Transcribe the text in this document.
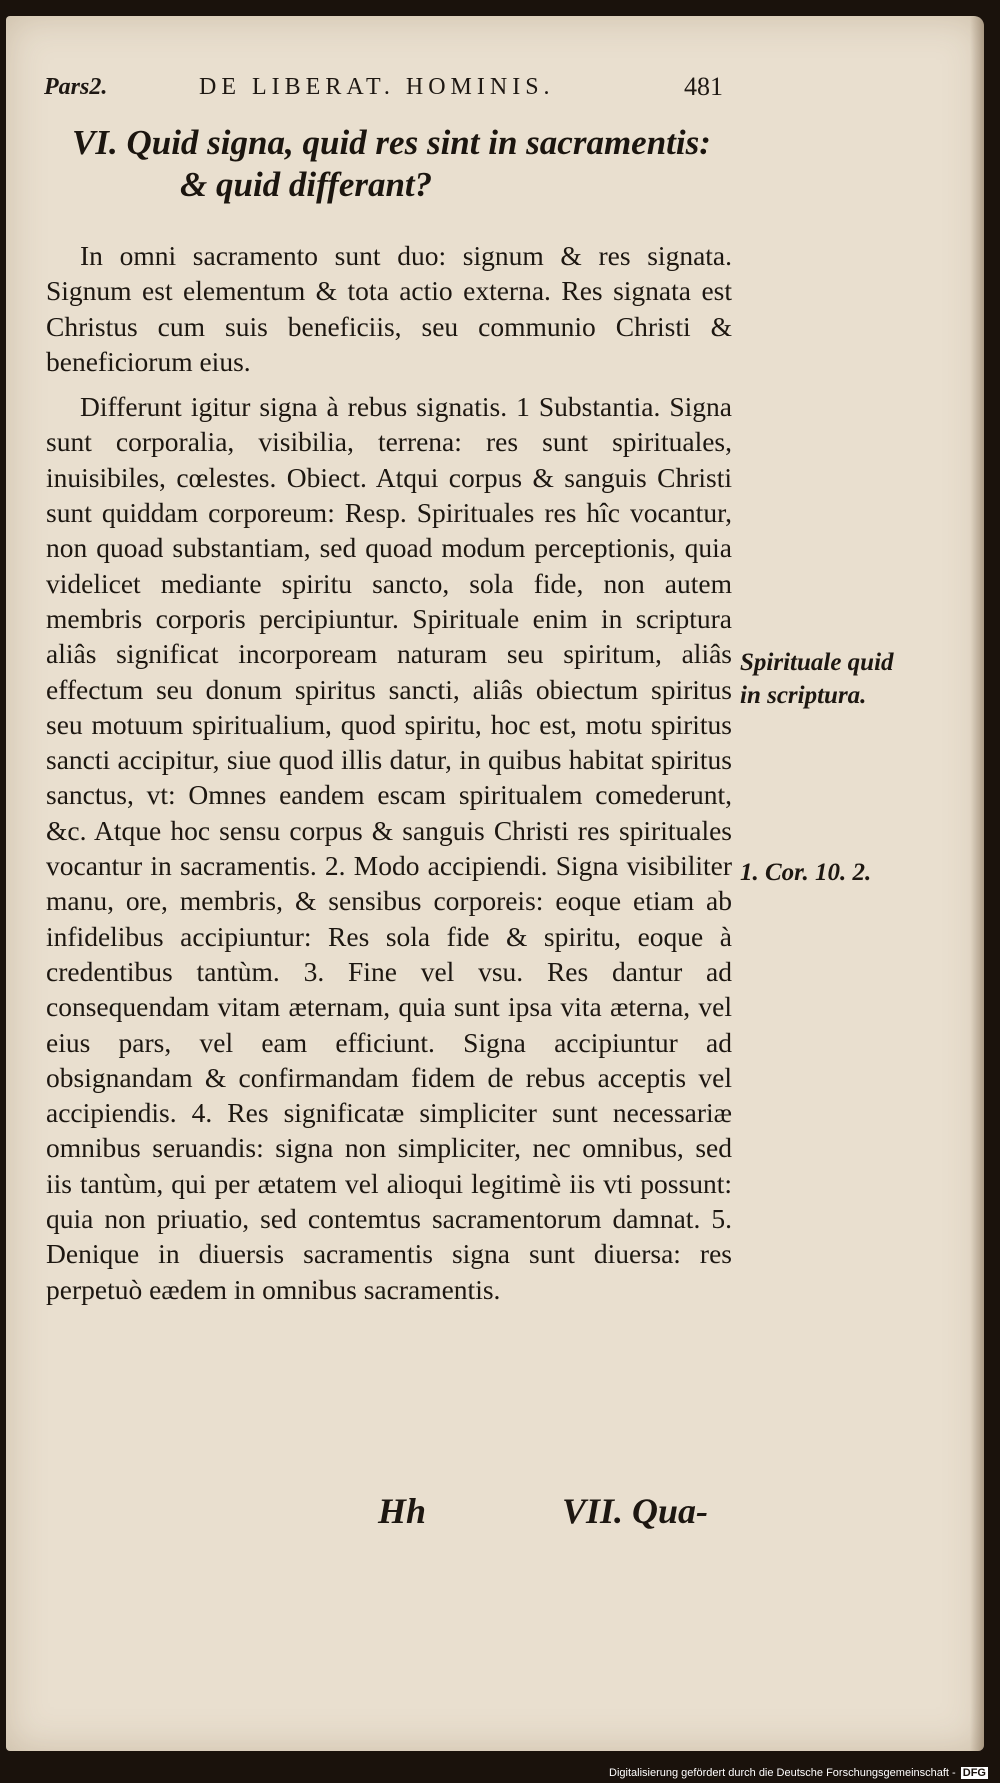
Pars2.	DE LIBERAT. HOMINIS.	481
VI. Quid signa, quid res sint in sacramentis:
& quid differant?

In omni sacramento sunt duo: signum & res signata. Signum est elementum & tota actio externa. Res signata est Christus cum suis beneficiis, seu communio Christi & beneficiorum eius.

Differunt igitur signa à rebus signatis. 1 Substantia. Signa sunt corporalia, visibilia, terrena: res sunt spirituales, inuisibiles, cœlestes. Obiect. Atqui corpus & sanguis Christi sunt quiddam corporeum: Resp. Spirituales res hîc vocantur, non quoad substantiam, sed quoad modum perceptionis, quia videlicet mediante spiritu sancto, sola fide, non autem membris corporis percipiuntur. Spirituale enim in scriptura aliâs significat incorpoream naturam seu spiritum, aliâs effectum seu donum spiritus sancti, aliâs obiectum spiritus seu motuum spiritualium, quod spiritu, hoc est, motu spiritus sancti accipitur, siue quod illis datur, in quibus habitat spiritus sanctus, vt: Omnes eandem escam spiritualem comederunt, &c. Atque hoc sensu corpus & sanguis Christi res spirituales vocantur in sacramentis. 2. Modo accipiendi. Signa visibiliter manu, ore, membris, & sensibus corporeis: eoque etiam ab infidelibus accipiuntur: Res sola fide & spiritu, eoque à credentibus tantùm. 3. Fine vel vsu. Res dantur ad consequendam vitam æternam, quia sunt ipsa vita æterna, vel eius pars, vel eam efficiunt. Signa accipiuntur ad obsignandam & confirmandam fidem de rebus acceptis vel accipiendis. 4. Res significatæ simpliciter sunt necessariæ omnibus seruandis: signa non simpliciter, nec omnibus, sed iis tantùm, qui per ætatem vel alioqui legitimè iis vti possunt: quia non priuatio, sed contemtus sacramentorum damnat. 5. Denique in diuersis sacramentis signa sunt diuersa: res perpetuò eædem in omnibus sacramentis.

Spirituale quid in scriptura.
1. Cor. 10. 2.
Hh	VII. Qua-
Digitalisierung gefördert durch die Deutsche Forschungsgemeinschaft - DFG
